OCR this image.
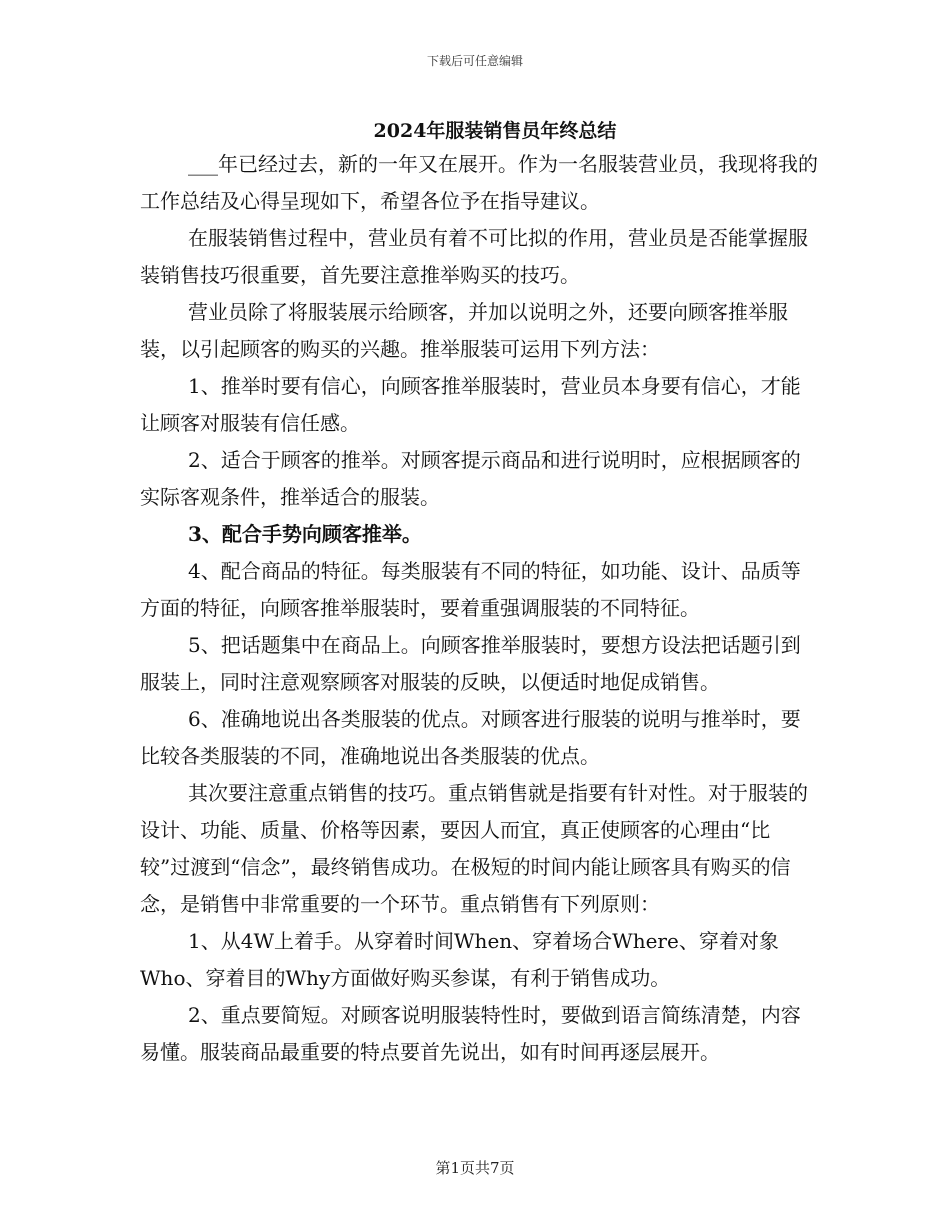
下载后可任意编辑
2024年服装销售员年终总结

___年已经过去，新的一年又在展开。作为一名服装营业员，我现将我的工作总结及心得呈现如下，希望各位予在指导建议。

在服装销售过程中，营业员有着不可比拟的作用，营业员是否能掌握服装销售技巧很重要，首先要注意推举购买的技巧。

营业员除了将服装展示给顾客，并加以说明之外，还要向顾客推举服装，以引起顾客的购买的兴趣。推举服装可运用下列方法：

1、推举时要有信心，向顾客推举服装时，营业员本身要有信心，才能让顾客对服装有信任感。

2、适合于顾客的推举。对顾客提示商品和进行说明时，应根据顾客的实际客观条件，推举适合的服装。

3、配合手势向顾客推举。

4、配合商品的特征。每类服装有不同的特征，如功能、设计、品质等方面的特征，向顾客推举服装时，要着重强调服装的不同特征。

5、把话题集中在商品上。向顾客推举服装时，要想方设法把话题引到服装上，同时注意观察顾客对服装的反映，以便适时地促成销售。

6、准确地说出各类服装的优点。对顾客进行服装的说明与推举时，要比较各类服装的不同，准确地说出各类服装的优点。

其次要注意重点销售的技巧。重点销售就是指要有针对性。对于服装的设计、功能、质量、价格等因素，要因人而宜，真正使顾客的心理由“比较”过渡到“信念”，最终销售成功。在极短的时间内能让顾客具有购买的信念，是销售中非常重要的一个环节。重点销售有下列原则：

1、从4W上着手。从穿着时间When、穿着场合Where、穿着对象Who、穿着目的Why方面做好购买参谋，有利于销售成功。

2、重点要简短。对顾客说明服装特性时，要做到语言简练清楚，内容易懂。服装商品最重要的特点要首先说出，如有时间再逐层展开。

第1页共7页
